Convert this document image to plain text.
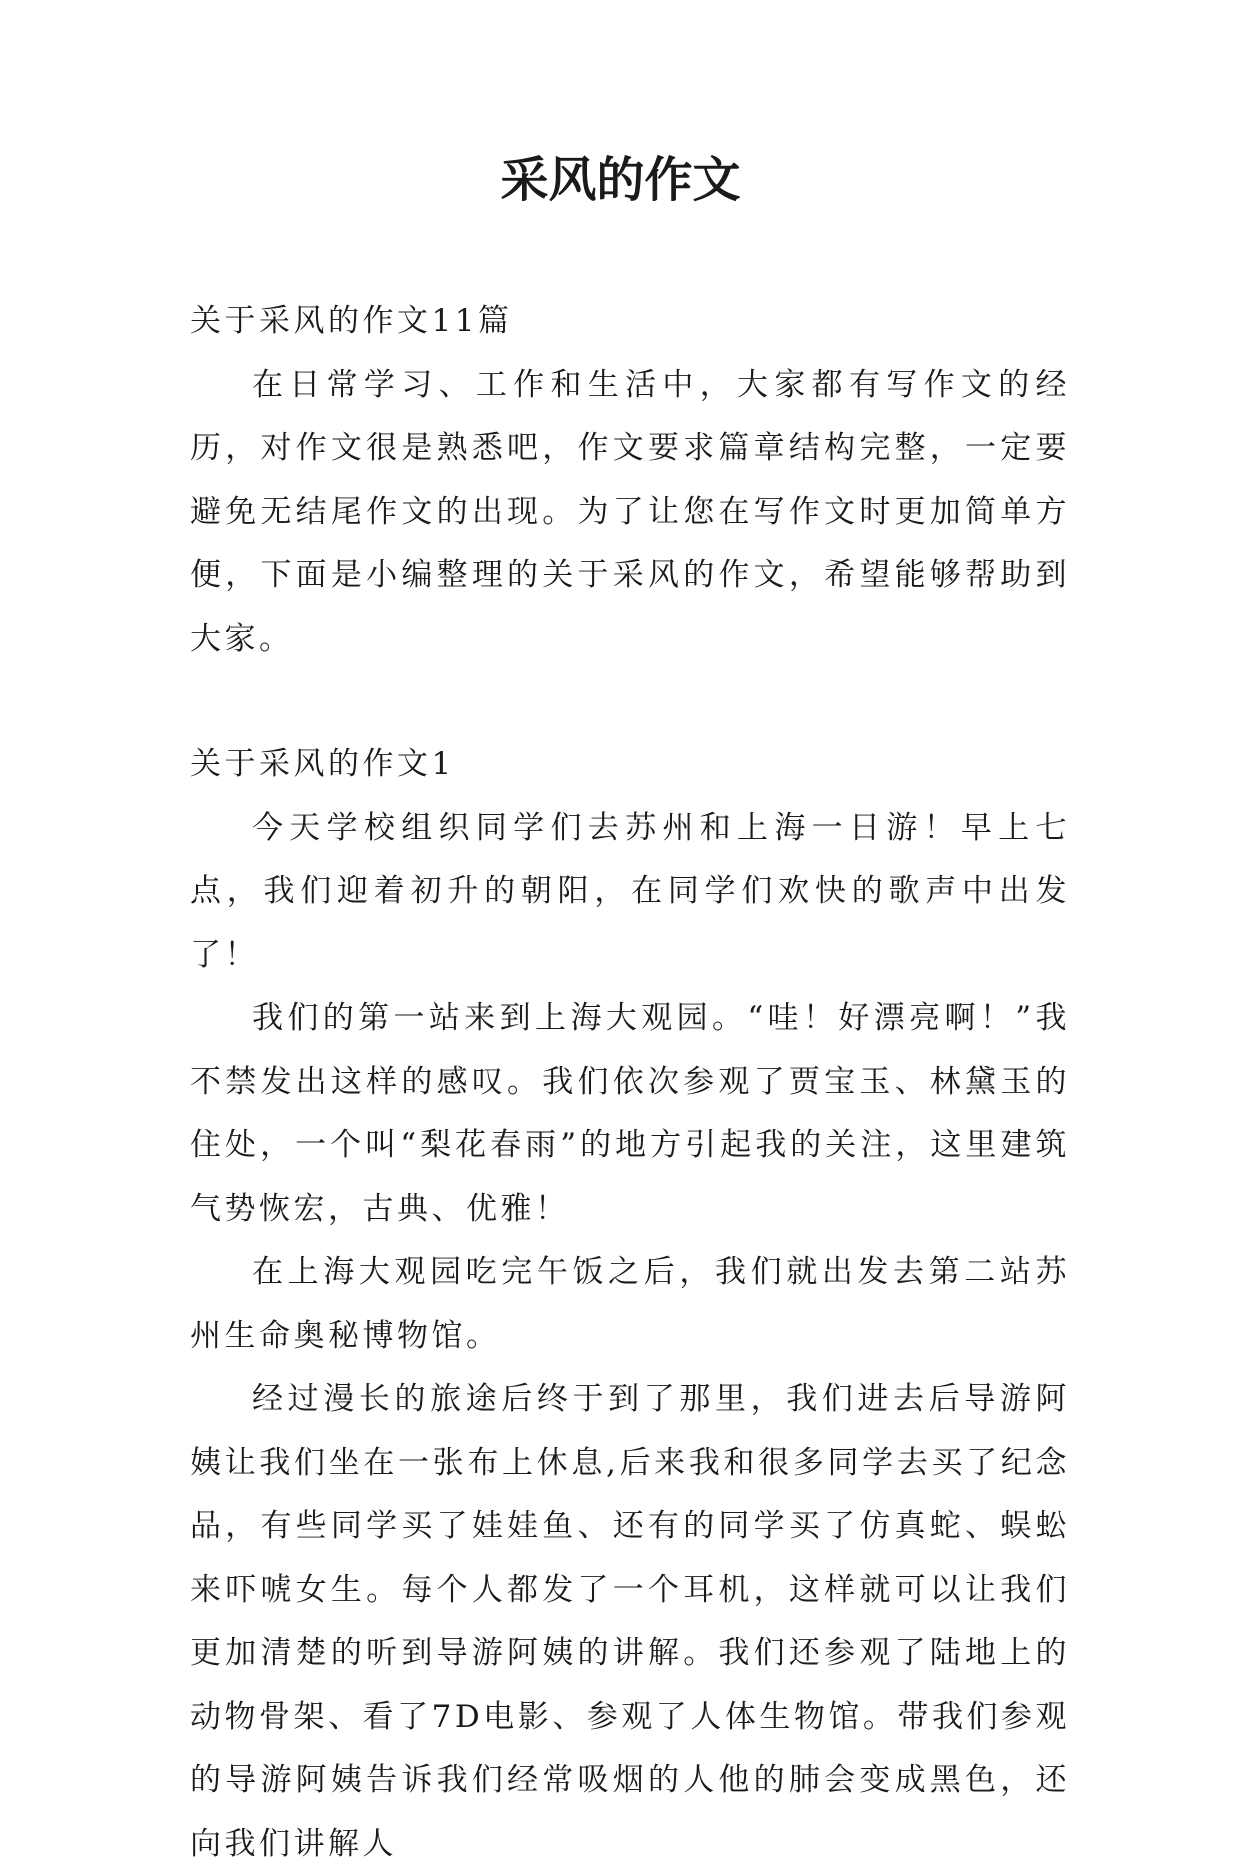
采风的作文

关于采风的作文11篇

在日常学习、工作和生活中，大家都有写作文的经历，对作文很是熟悉吧，作文要求篇章结构完整，一定要避免无结尾作文的出现。为了让您在写作文时更加简单方便，下面是小编整理的关于采风的作文，希望能够帮助到大家。

关于采风的作文1

今天学校组织同学们去苏州和上海一日游！早上七点，我们迎着初升的朝阳，在同学们欢快的歌声中出发了！

我们的第一站来到上海大观园。“哇！好漂亮啊！”我不禁发出这样的感叹。我们依次参观了贾宝玉、林黛玉的住处，一个叫“梨花春雨”的地方引起我的关注，这里建筑气势恢宏，古典、优雅！

在上海大观园吃完午饭之后，我们就出发去第二站苏州生命奥秘博物馆。

经过漫长的旅途后终于到了那里，我们进去后导游阿姨让我们坐在一张布上休息,后来我和很多同学去买了纪念品，有些同学买了娃娃鱼、还有的同学买了仿真蛇、蜈蚣来吓唬女生。每个人都发了一个耳机，这样就可以让我们更加清楚的听到导游阿姨的讲解。我们还参观了陆地上的动物骨架、看了7D电影、参观了人体生物馆。带我们参观的导游阿姨告诉我们经常吸烟的人他的肺会变成黑色，还向我们讲解人
